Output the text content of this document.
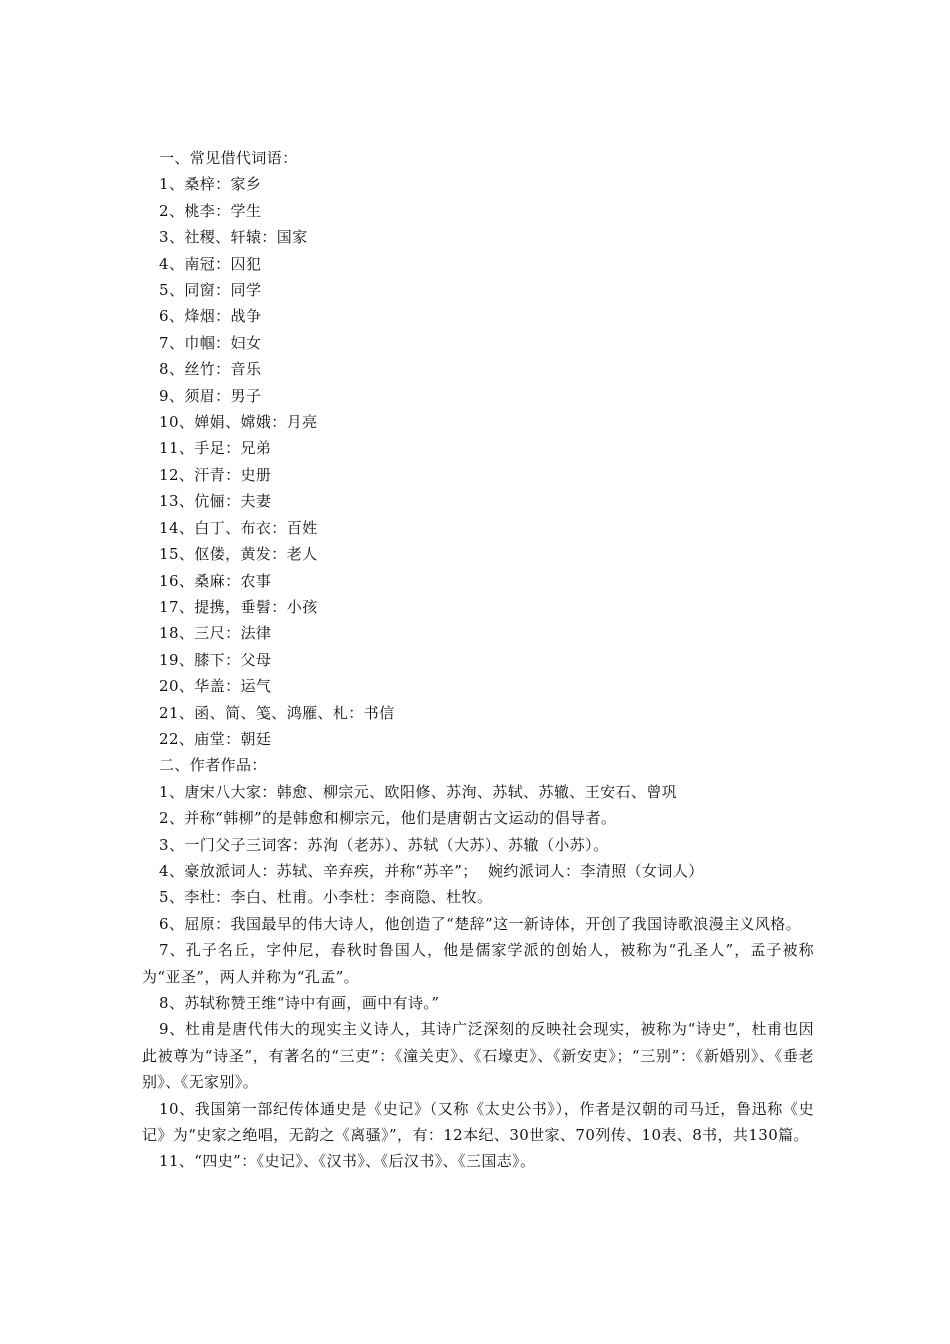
一、常见借代词语：
1、桑梓：家乡
2、桃李：学生
3、社稷、轩辕：国家
4、南冠：囚犯
5、同窗：同学
6、烽烟：战争
7、巾帼：妇女
8、丝竹：音乐
9、须眉：男子
10、婵娟、嫦娥：月亮
11、手足：兄弟
12、汗青：史册
13、伉俪：夫妻
14、白丁、布衣：百姓
15、伛偻，黄发：老人
16、桑麻：农事
17、提携，垂髫：小孩
18、三尺：法律
19、膝下：父母
20、华盖：运气
21、函、简、笺、鸿雁、札：书信
22、庙堂：朝廷
二、作者作品：
1、唐宋八大家：韩愈、柳宗元、欧阳修、苏洵、苏轼、苏辙、王安石、曾巩
2、并称“韩柳”的是韩愈和柳宗元，他们是唐朝古文运动的倡导者。
3、一门父子三词客：苏洵（老苏）、苏轼（大苏）、苏辙（小苏）。
4、豪放派词人：苏轼、辛弃疾，并称“苏辛”；  婉约派词人：李清照（女词人）
5、李杜：李白、杜甫。小李杜：李商隐、杜牧。
6、屈原：我国最早的伟大诗人，他创造了“楚辞”这一新诗体，开创了我国诗歌浪漫主义风格。
7、孔子名丘，字仲尼，春秋时鲁国人，他是儒家学派的创始人，被称为“孔圣人”，孟子被称为“亚圣”，两人并称为“孔孟”。
8、苏轼称赞王维“诗中有画，画中有诗。”
9、杜甫是唐代伟大的现实主义诗人，其诗广泛深刻的反映社会现实，被称为“诗史”，杜甫也因此被尊为“诗圣”，有著名的“三吏”：《潼关吏》、《石壕吏》、《新安吏》；“三别”：《新婚别》、《垂老别》、《无家别》。
10、我国第一部纪传体通史是《史记》（又称《太史公书》），作者是汉朝的司马迁，鲁迅称《史记》为“史家之绝唱，无韵之《离骚》”，有：12本纪、30世家、70列传、10表、8书，共130篇。
11、“四史”：《史记》、《汉书》、《后汉书》、《三国志》。
